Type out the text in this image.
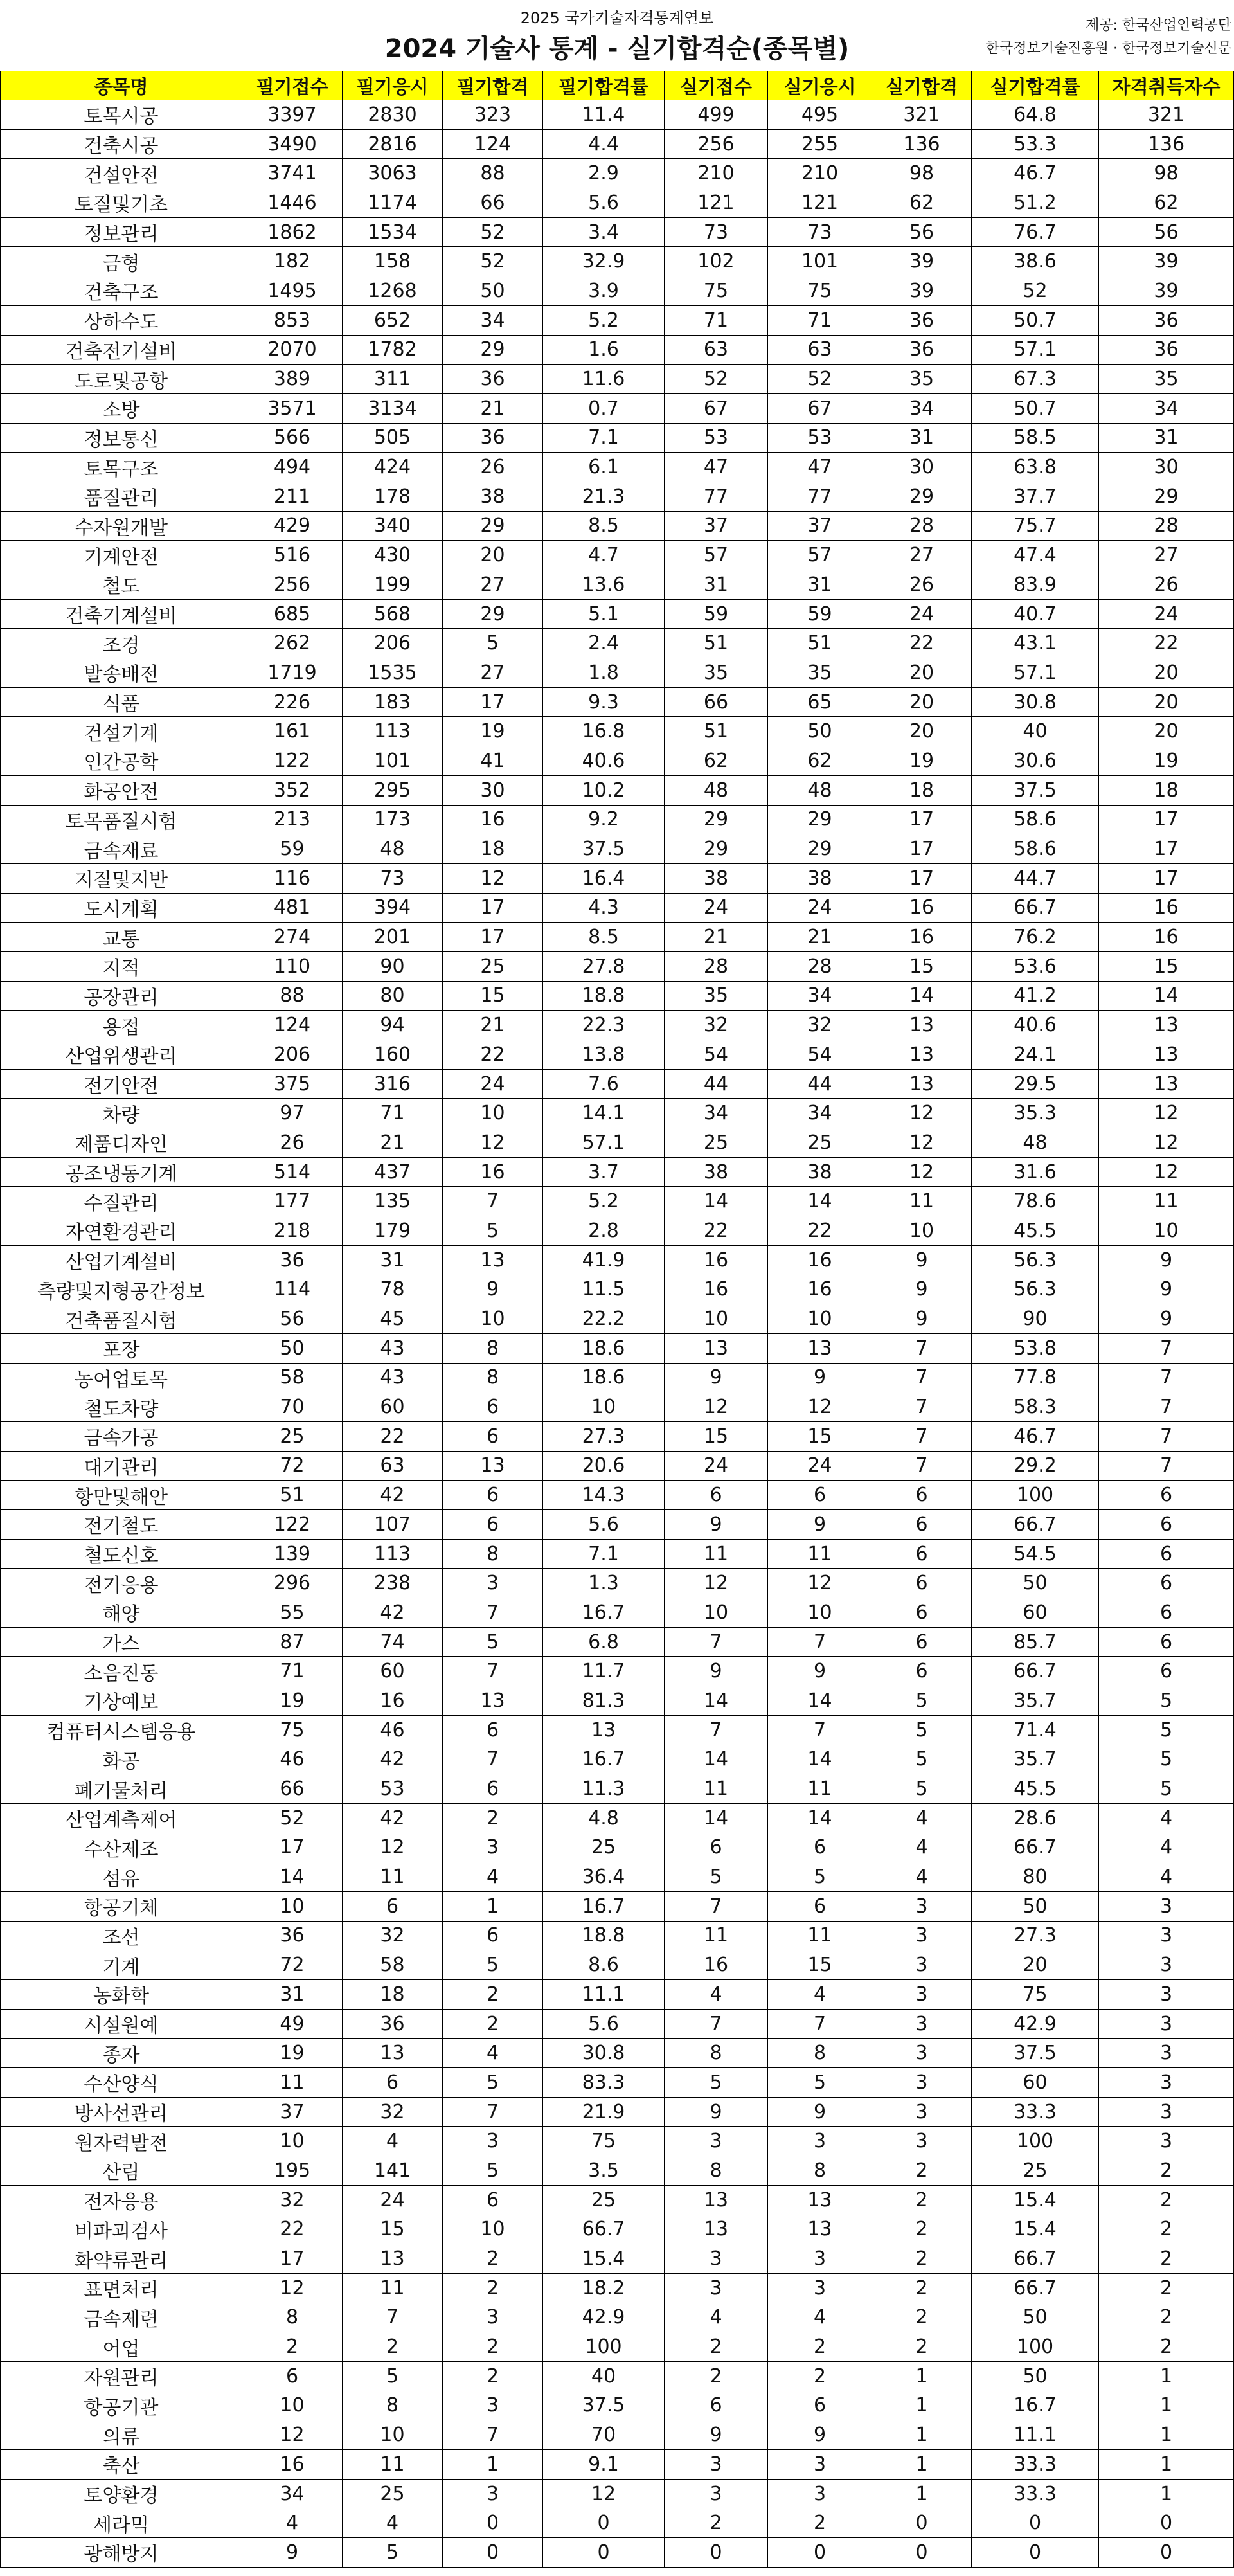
2025 국가기술자격통계연보
2024 기술사 통계 - 실기합격순(종목별)
제공: 한국산업인력공단
한국정보기술진흥원 · 한국정보기술신문
종목명	필기접수	필기응시	필기합격	필기합격률	실기접수	실기응시	실기합격	실기합격률	자격취득자수
토목시공	3397	2830	323	11.4	499	495	321	64.8	321
건축시공	3490	2816	124	4.4	256	255	136	53.3	136
건설안전	3741	3063	88	2.9	210	210	98	46.7	98
토질및기초	1446	1174	66	5.6	121	121	62	51.2	62
정보관리	1862	1534	52	3.4	73	73	56	76.7	56
금형	182	158	52	32.9	102	101	39	38.6	39
건축구조	1495	1268	50	3.9	75	75	39	52	39
상하수도	853	652	34	5.2	71	71	36	50.7	36
건축전기설비	2070	1782	29	1.6	63	63	36	57.1	36
도로및공항	389	311	36	11.6	52	52	35	67.3	35
소방	3571	3134	21	0.7	67	67	34	50.7	34
정보통신	566	505	36	7.1	53	53	31	58.5	31
토목구조	494	424	26	6.1	47	47	30	63.8	30
품질관리	211	178	38	21.3	77	77	29	37.7	29
수자원개발	429	340	29	8.5	37	37	28	75.7	28
기계안전	516	430	20	4.7	57	57	27	47.4	27
철도	256	199	27	13.6	31	31	26	83.9	26
건축기계설비	685	568	29	5.1	59	59	24	40.7	24
조경	262	206	5	2.4	51	51	22	43.1	22
발송배전	1719	1535	27	1.8	35	35	20	57.1	20
식품	226	183	17	9.3	66	65	20	30.8	20
건설기계	161	113	19	16.8	51	50	20	40	20
인간공학	122	101	41	40.6	62	62	19	30.6	19
화공안전	352	295	30	10.2	48	48	18	37.5	18
토목품질시험	213	173	16	9.2	29	29	17	58.6	17
금속재료	59	48	18	37.5	29	29	17	58.6	17
지질및지반	116	73	12	16.4	38	38	17	44.7	17
도시계획	481	394	17	4.3	24	24	16	66.7	16
교통	274	201	17	8.5	21	21	16	76.2	16
지적	110	90	25	27.8	28	28	15	53.6	15
공장관리	88	80	15	18.8	35	34	14	41.2	14
용접	124	94	21	22.3	32	32	13	40.6	13
산업위생관리	206	160	22	13.8	54	54	13	24.1	13
전기안전	375	316	24	7.6	44	44	13	29.5	13
차량	97	71	10	14.1	34	34	12	35.3	12
제품디자인	26	21	12	57.1	25	25	12	48	12
공조냉동기계	514	437	16	3.7	38	38	12	31.6	12
수질관리	177	135	7	5.2	14	14	11	78.6	11
자연환경관리	218	179	5	2.8	22	22	10	45.5	10
산업기계설비	36	31	13	41.9	16	16	9	56.3	9
측량및지형공간정보	114	78	9	11.5	16	16	9	56.3	9
건축품질시험	56	45	10	22.2	10	10	9	90	9
포장	50	43	8	18.6	13	13	7	53.8	7
농어업토목	58	43	8	18.6	9	9	7	77.8	7
철도차량	70	60	6	10	12	12	7	58.3	7
금속가공	25	22	6	27.3	15	15	7	46.7	7
대기관리	72	63	13	20.6	24	24	7	29.2	7
항만및해안	51	42	6	14.3	6	6	6	100	6
전기철도	122	107	6	5.6	9	9	6	66.7	6
철도신호	139	113	8	7.1	11	11	6	54.5	6
전기응용	296	238	3	1.3	12	12	6	50	6
해양	55	42	7	16.7	10	10	6	60	6
가스	87	74	5	6.8	7	7	6	85.7	6
소음진동	71	60	7	11.7	9	9	6	66.7	6
기상예보	19	16	13	81.3	14	14	5	35.7	5
컴퓨터시스템응용	75	46	6	13	7	7	5	71.4	5
화공	46	42	7	16.7	14	14	5	35.7	5
폐기물처리	66	53	6	11.3	11	11	5	45.5	5
산업계측제어	52	42	2	4.8	14	14	4	28.6	4
수산제조	17	12	3	25	6	6	4	66.7	4
섬유	14	11	4	36.4	5	5	4	80	4
항공기체	10	6	1	16.7	7	6	3	50	3
조선	36	32	6	18.8	11	11	3	27.3	3
기계	72	58	5	8.6	16	15	3	20	3
농화학	31	18	2	11.1	4	4	3	75	3
시설원예	49	36	2	5.6	7	7	3	42.9	3
종자	19	13	4	30.8	8	8	3	37.5	3
수산양식	11	6	5	83.3	5	5	3	60	3
방사선관리	37	32	7	21.9	9	9	3	33.3	3
원자력발전	10	4	3	75	3	3	3	100	3
산림	195	141	5	3.5	8	8	2	25	2
전자응용	32	24	6	25	13	13	2	15.4	2
비파괴검사	22	15	10	66.7	13	13	2	15.4	2
화약류관리	17	13	2	15.4	3	3	2	66.7	2
표면처리	12	11	2	18.2	3	3	2	66.7	2
금속제련	8	7	3	42.9	4	4	2	50	2
어업	2	2	2	100	2	2	2	100	2
자원관리	6	5	2	40	2	2	1	50	1
항공기관	10	8	3	37.5	6	6	1	16.7	1
의류	12	10	7	70	9	9	1	11.1	1
축산	16	11	1	9.1	3	3	1	33.3	1
토양환경	34	25	3	12	3	3	1	33.3	1
세라믹	4	4	0	0	2	2	0	0	0
광해방지	9	5	0	0	0	0	0	0	0
